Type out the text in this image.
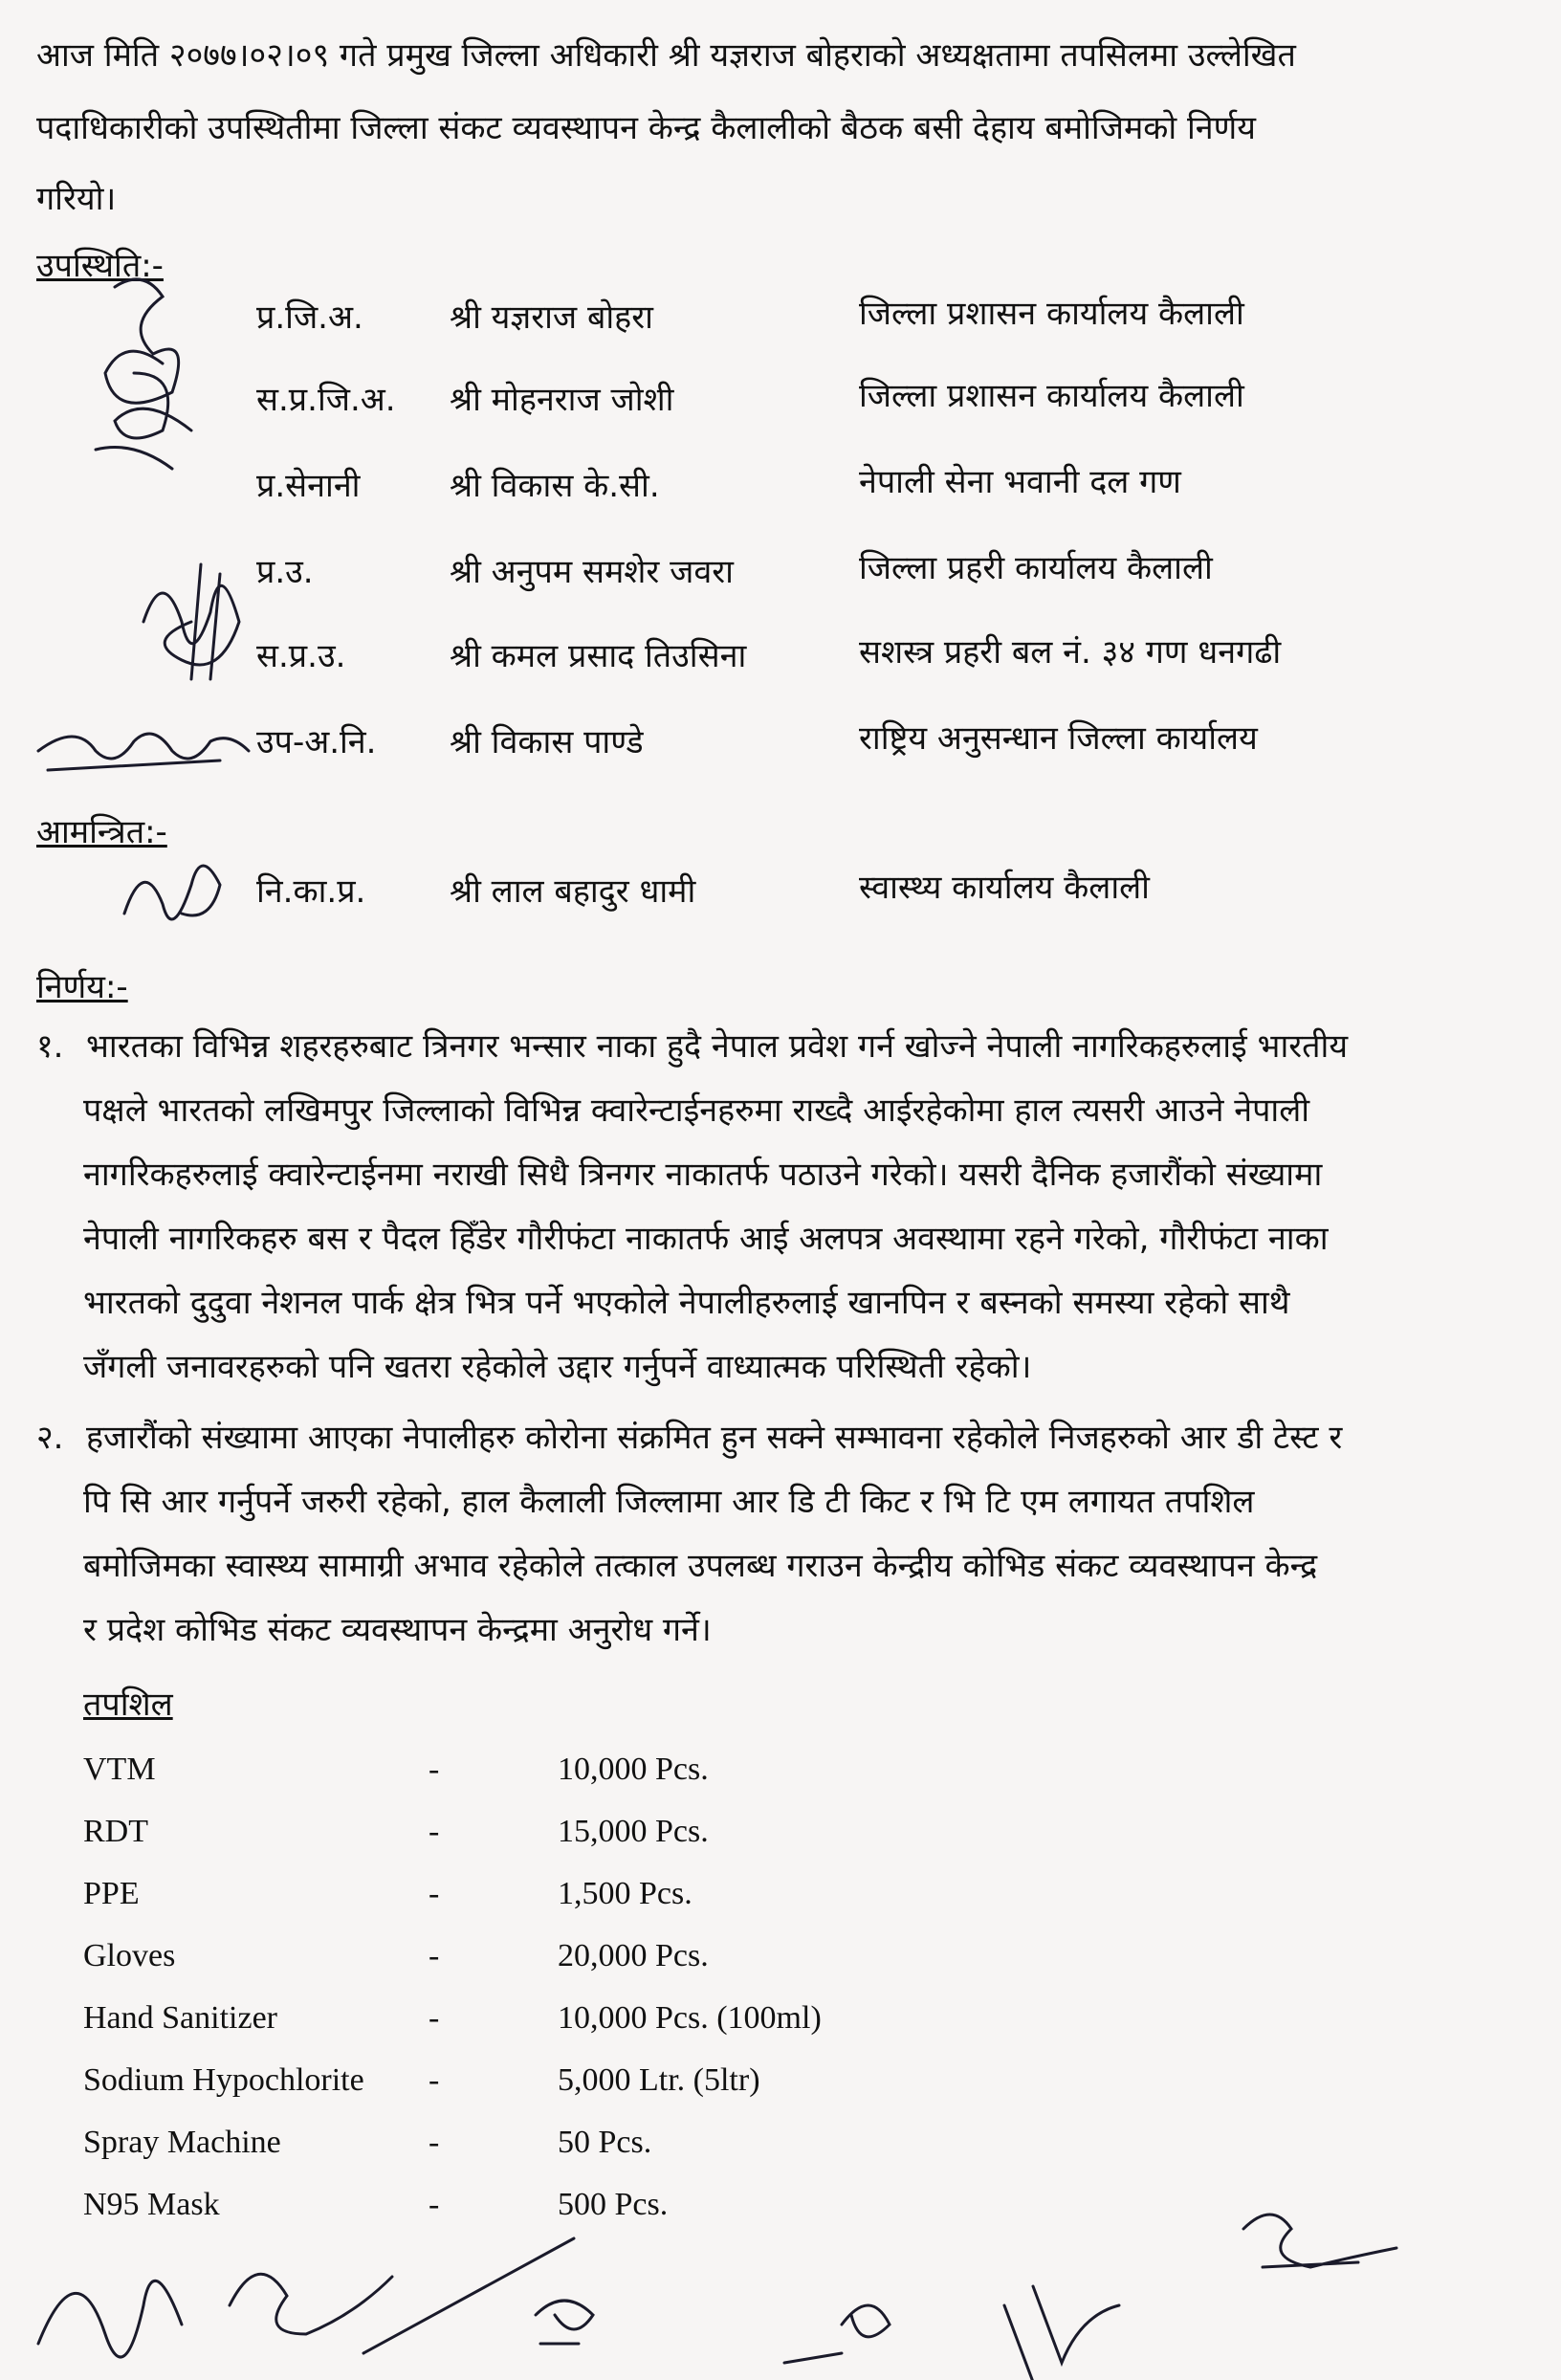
आज मिति २०७७।०२।०९ गते प्रमुख जिल्ला अधिकारी श्री यज्ञराज बोहराको अध्यक्षतामा तपसिलमा उल्लेखित
पदाधिकारीको उपस्थितीमा जिल्ला संकट व्यवस्थापन केन्द्र कैलालीको बैठक बसी देहाय बमोजिमको निर्णय
गरियो।
उपस्थिति:-
प्र.जि.अ.	श्री यज्ञराज बोहरा	जिल्ला प्रशासन कार्यालय कैलाली
स.प्र.जि.अ. श्री मोहनराज जोशी	जिल्ला प्रशासन कार्यालय कैलाली
प्र.सेनानी	श्री विकास के.सी.	नेपाली सेना भवानी दल गण
प्र.उ.	श्री अनुपम समशेर जवरा	जिल्ला प्रहरी कार्यालय कैलाली
स.प्र.उ.	श्री कमल प्रसाद तिउसिना	सशस्त्र प्रहरी बल नं. ३४ गण धनगढी
उप-अ.नि. श्री विकास पाण्डे	राष्ट्रिय अनुसन्धान जिल्ला कार्यालय
आमन्त्रित:-
नि.का.प्र.	श्री लाल बहादुर धामी	स्वास्थ्य कार्यालय कैलाली
निर्णय:-
१. भारतका विभिन्न शहरहरुबाट त्रिनगर भन्सार नाका हुदै नेपाल प्रवेश गर्न खोज्ने नेपाली नागरिकहरुलाई भारतीय
पक्षले भारतको लखिमपुर जिल्लाको विभिन्न क्वारेन्टाईनहरुमा राख्दै आईरहेकोमा हाल त्यसरी आउने नेपाली
नागरिकहरुलाई क्वारेन्टाईनमा नराखी सिधै त्रिनगर नाकातर्फ पठाउने गरेको। यसरी दैनिक हजारौंको संख्यामा
नेपाली नागरिकहरु बस र पैदल हिँडेर गौरीफंटा नाकातर्फ आई अलपत्र अवस्थामा रहने गरेको, गौरीफंटा नाका
भारतको दुदुवा नेशनल पार्क क्षेत्र भित्र पर्ने भएकोले नेपालीहरुलाई खानपिन र बस्नको समस्या रहेको साथै
जँगली जनावरहरुको पनि खतरा रहेकोले उद्दार गर्नुपर्ने वाध्यात्मक परिस्थिती रहेको।
२. हजारौंको संख्यामा आएका नेपालीहरु कोरोना संक्रमित हुन सक्ने सम्भावना रहेकोले निजहरुको आर डी टेस्ट र
पि सि आर गर्नुपर्ने जरुरी रहेको, हाल कैलाली जिल्लामा आर डि टी किट र भि टि एम लगायत तपशिल
बमोजिमका स्वास्थ्य सामाग्री अभाव रहेकोले तत्काल उपलब्ध गराउन केन्द्रीय कोभिड संकट व्यवस्थापन केन्द्र
र प्रदेश कोभिड संकट व्यवस्थापन केन्द्रमा अनुरोध गर्ने।
तपशिल
VTM	-	10,000 Pcs.
RDT	-	15,000 Pcs.
PPE	-	1,500 Pcs.
Gloves	-	20,000 Pcs.
Hand Sanitizer	-	10,000 Pcs. (100ml)
Sodium Hypochlorite -	5,000 Ltr. (5ltr)
Spray Machine	-	50 Pcs.
N95 Mask	-	500 Pcs.
